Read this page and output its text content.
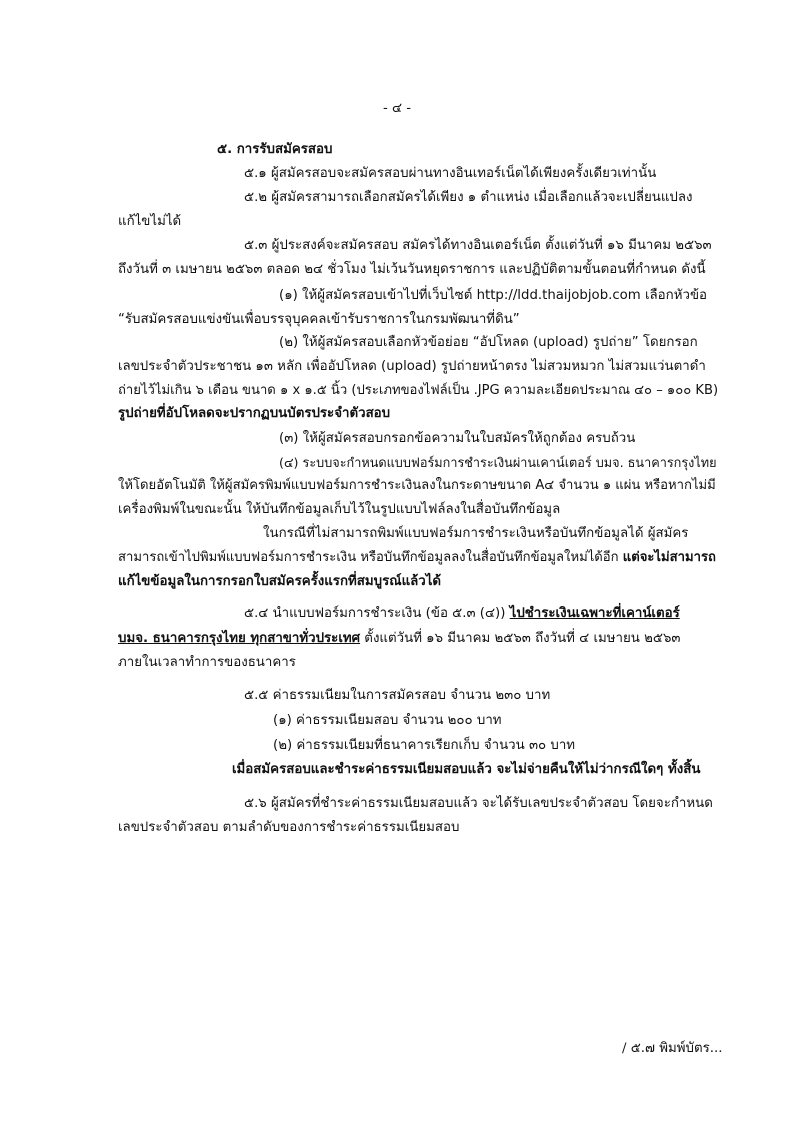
- ๔ -
๕. การรับสมัครสอบ
๕.๑ ผู้สมัครสอบจะสมัครสอบผ่านทางอินเทอร์เน็ตได้เพียงครั้งเดียวเท่านั้น
๕.๒ ผู้สมัครสามารถเลือกสมัครได้เพียง ๑ ตำแหน่ง เมื่อเลือกแล้วจะเปลี่ยนแปลง
แก้ไขไม่ได้
๕.๓ ผู้ประสงค์จะสมัครสอบ สมัครได้ทางอินเตอร์เน็ต ตั้งแต่วันที่ ๑๖ มีนาคม ๒๕๖๓
ถึงวันที่ ๓ เมษายน ๒๕๖๓ ตลอด ๒๔ ชั่วโมง ไม่เว้นวันหยุดราชการ และปฏิบัติตามขั้นตอนที่กำหนด ดังนี้
(๑) ให้ผู้สมัครสอบเข้าไปที่เว็บไซต์ http://ldd.thaijobjob.com เลือกหัวข้อ
“รับสมัครสอบแข่งขันเพื่อบรรจุบุคคลเข้ารับราชการในกรมพัฒนาที่ดิน”
(๒) ให้ผู้สมัครสอบเลือกหัวข้อย่อย “อัปโหลด (upload) รูปถ่าย” โดยกรอก
เลขประจำตัวประชาชน ๑๓ หลัก เพื่ออัปโหลด (upload) รูปถ่ายหน้าตรง ไม่สวมหมวก ไม่สวมแว่นตาดำ
ถ่ายไว้ไม่เกิน ๖ เดือน ขนาด ๑ x ๑.๕ นิ้ว (ประเภทของไฟล์เป็น .JPG ความละเอียดประมาณ ๔๐ – ๑๐๐ KB)
รูปถ่ายที่อัปโหลดจะปรากฏบนบัตรประจำตัวสอบ
(๓) ให้ผู้สมัครสอบกรอกข้อความในใบสมัครให้ถูกต้อง ครบถ้วน
(๔) ระบบจะกำหนดแบบฟอร์มการชำระเงินผ่านเคาน์เตอร์ บมจ. ธนาคารกรุงไทย
ให้โดยอัตโนมัติ ให้ผู้สมัครพิมพ์แบบฟอร์มการชำระเงินลงในกระดาษขนาด A๔ จำนวน ๑ แผ่น หรือหากไม่มี
เครื่องพิมพ์ในขณะนั้น ให้บันทึกข้อมูลเก็บไว้ในรูปแบบไฟล์ลงในสื่อบันทึกข้อมูล
ในกรณีที่ไม่สามารถพิมพ์แบบฟอร์มการชำระเงินหรือบันทึกข้อมูลได้ ผู้สมัคร
สามารถเข้าไปพิมพ์แบบฟอร์มการชำระเงิน หรือบันทึกข้อมูลลงในสื่อบันทึกข้อมูลใหม่ได้อีก แต่จะไม่สามารถ
แก้ไขข้อมูลในการกรอกใบสมัครครั้งแรกที่สมบูรณ์แล้วได้
๕.๔ นำแบบฟอร์มการชำระเงิน (ข้อ ๕.๓ (๔)) ไปชำระเงินเฉพาะที่เคาน์เตอร์
บมจ. ธนาคารกรุงไทย ทุกสาขาทั่วประเทศ ตั้งแต่วันที่ ๑๖ มีนาคม ๒๕๖๓ ถึงวันที่ ๔ เมษายน ๒๕๖๓
ภายในเวลาทำการของธนาคาร
๕.๕ ค่าธรรมเนียมในการสมัครสอบ จำนวน ๒๓๐ บาท
(๑) ค่าธรรมเนียมสอบ จำนวน ๒๐๐ บาท
(๒) ค่าธรรมเนียมที่ธนาคารเรียกเก็บ จำนวน ๓๐ บาท
เมื่อสมัครสอบและชำระค่าธรรมเนียมสอบแล้ว จะไม่จ่ายคืนให้ไม่ว่ากรณีใดๆ ทั้งสิ้น
๕.๖ ผู้สมัครที่ชำระค่าธรรมเนียมสอบแล้ว จะได้รับเลขประจำตัวสอบ โดยจะกำหนด
เลขประจำตัวสอบ ตามลำดับของการชำระค่าธรรมเนียมสอบ
/ ๕.๗ พิมพ์บัตร...
